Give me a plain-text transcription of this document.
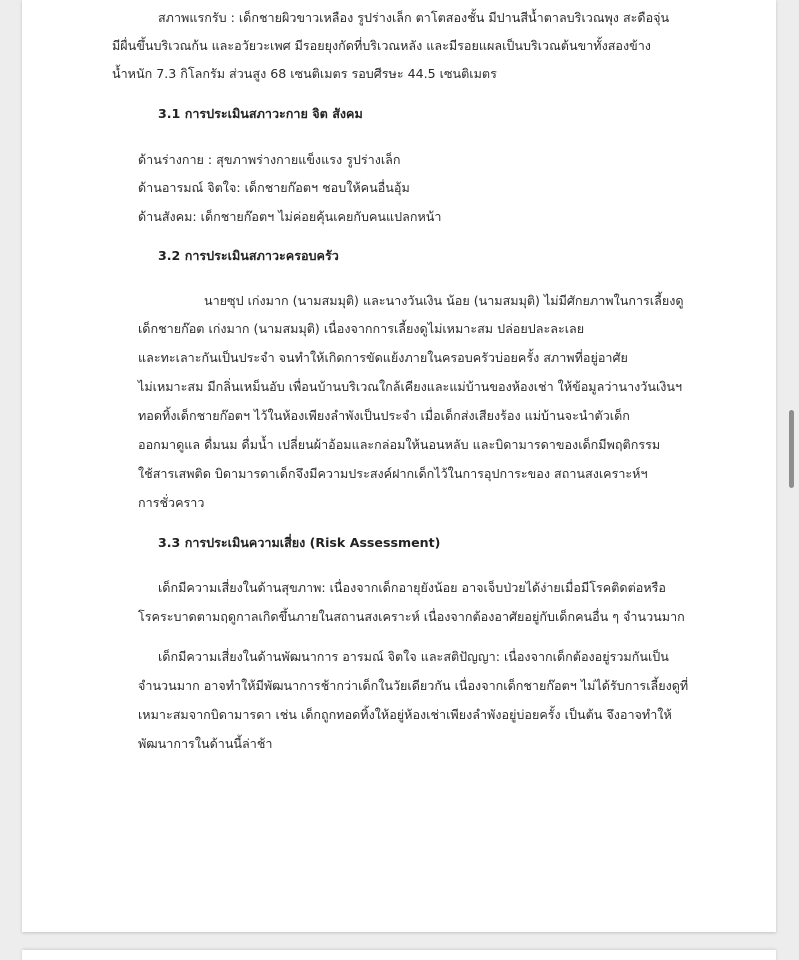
สภาพแรกรับ : เด็กชายผิวขาวเหลือง รูปร่างเล็ก ตาโตสองชั้น มีปานสีน้ำตาลบริเวณพุง สะดือจุ่น
มีผื่นขึ้นบริเวณก้น และอวัยวะเพศ มีรอยยุงกัดที่บริเวณหลัง และมีรอยแผลเป็นบริเวณต้นขาทั้งสองข้าง
น้ำหนัก 7.3 กิโลกรัม ส่วนสูง 68 เซนติเมตร รอบศีรษะ 44.5 เซนติเมตร
3.1 การประเมินสภาวะกาย จิต สังคม
ด้านร่างกาย : สุขภาพร่างกายแข็งแรง รูปร่างเล็ก
ด้านอารมณ์ จิตใจ: เด็กชายก๊อตฯ ชอบให้คนอื่นอุ้ม
ด้านสังคม: เด็กชายก๊อตฯ ไม่ค่อยคุ้นเคยกับคนแปลกหน้า
3.2 การประเมินสภาวะครอบครัว
นายซุป เก่งมาก (นามสมมุติ) และนางวันเงิน น้อย (นามสมมุติ) ไม่มีศักยภาพในการเลี้ยงดู
เด็กชายก๊อต เก่งมาก (นามสมมุติ) เนื่องจากการเลี้ยงดูไม่เหมาะสม ปล่อยปละละเลย
และทะเลาะกันเป็นประจำ จนทำให้เกิดการขัดแย้งภายในครอบครัวบ่อยครั้ง สภาพที่อยู่อาศัย
ไม่เหมาะสม มีกลิ่นเหม็นอับ เพื่อนบ้านบริเวณใกล้เคียงและแม่บ้านของห้องเช่า ให้ข้อมูลว่านางวันเงินฯ
ทอดทิ้งเด็กชายก๊อตฯ ไว้ในห้องเพียงลำพังเป็นประจำ เมื่อเด็กส่งเสียงร้อง แม่บ้านจะนำตัวเด็ก
ออกมาดูแล ดื่มนม ดื่มน้ำ เปลี่ยนผ้าอ้อมและกล่อมให้นอนหลับ และบิดามารดาของเด็กมีพฤติกรรม
ใช้สารเสพติด บิดามารดาเด็กจึงมีความประสงค์ฝากเด็กไว้ในการอุปการะของ สถานสงเคราะห์ฯ
การชั่วคราว
3.3 การประเมินความเสี่ยง (Risk Assessment)
เด็กมีความเสี่ยงในด้านสุขภาพ: เนื่องจากเด็กอายุยังน้อย อาจเจ็บป่วยได้ง่ายเมื่อมีโรคติดต่อหรือ
โรคระบาดตามฤดูกาลเกิดขึ้นภายในสถานสงเคราะห์ เนื่องจากต้องอาศัยอยู่กับเด็กคนอื่น ๆ จำนวนมาก
เด็กมีความเสี่ยงในด้านพัฒนาการ อารมณ์ จิตใจ และสติปัญญา: เนื่องจากเด็กต้องอยู่รวมกันเป็น
จำนวนมาก อาจทำให้มีพัฒนาการช้ากว่าเด็กในวัยเดียวกัน เนื่องจากเด็กชายก๊อตฯ ไม่ได้รับการเลี้ยงดูที่
เหมาะสมจากบิดามารดา เช่น เด็กถูกทอดทิ้งให้อยู่ห้องเช่าเพียงลำพังอยู่บ่อยครั้ง เป็นต้น จึงอาจทำให้
พัฒนาการในด้านนี้ล่าช้า
